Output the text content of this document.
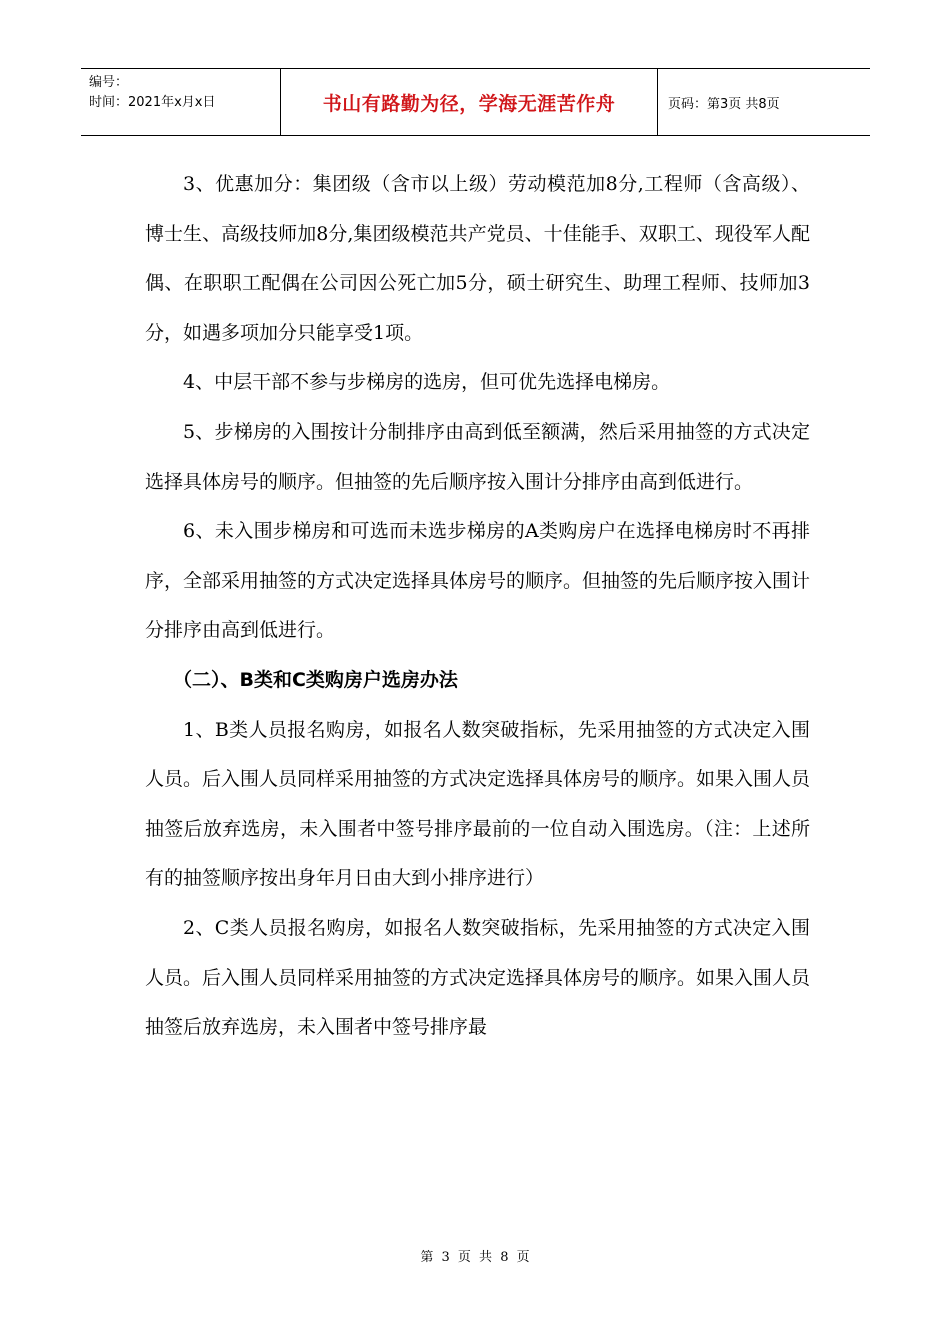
编号：
时间：2021年x月x日	书山有路勤为径，学海无涯苦作舟	页码：第3页 共8页

3、优惠加分：集团级（含市以上级）劳动模范加8分,工程师（含高级）、博士生、高级技师加8分,集团级模范共产党员、十佳能手、双职工、现役军人配偶、在职职工配偶在公司因公死亡加5分，硕士研究生、助理工程师、技师加3分，如遇多项加分只能享受1项。

4、中层干部不参与步梯房的选房，但可优先选择电梯房。

5、步梯房的入围按计分制排序由高到低至额满，然后采用抽签的方式决定选择具体房号的顺序。但抽签的先后顺序按入围计分排序由高到低进行。

6、未入围步梯房和可选而未选步梯房的A类购房户在选择电梯房时不再排序，全部采用抽签的方式决定选择具体房号的顺序。但抽签的先后顺序按入围计分排序由高到低进行。

（二）、B类和C类购房户选房办法

1、B类人员报名购房，如报名人数突破指标，先采用抽签的方式决定入围人员。后入围人员同样采用抽签的方式决定选择具体房号的顺序。如果入围人员抽签后放弃选房，未入围者中签号排序最前的一位自动入围选房。（注：上述所有的抽签顺序按出身年月日由大到小排序进行）

2、C类人员报名购房，如报名人数突破指标，先采用抽签的方式决定入围人员。后入围人员同样采用抽签的方式决定选择具体房号的顺序。如果入围人员抽签后放弃选房，未入围者中签号排序最

第 3 页 共 8 页
